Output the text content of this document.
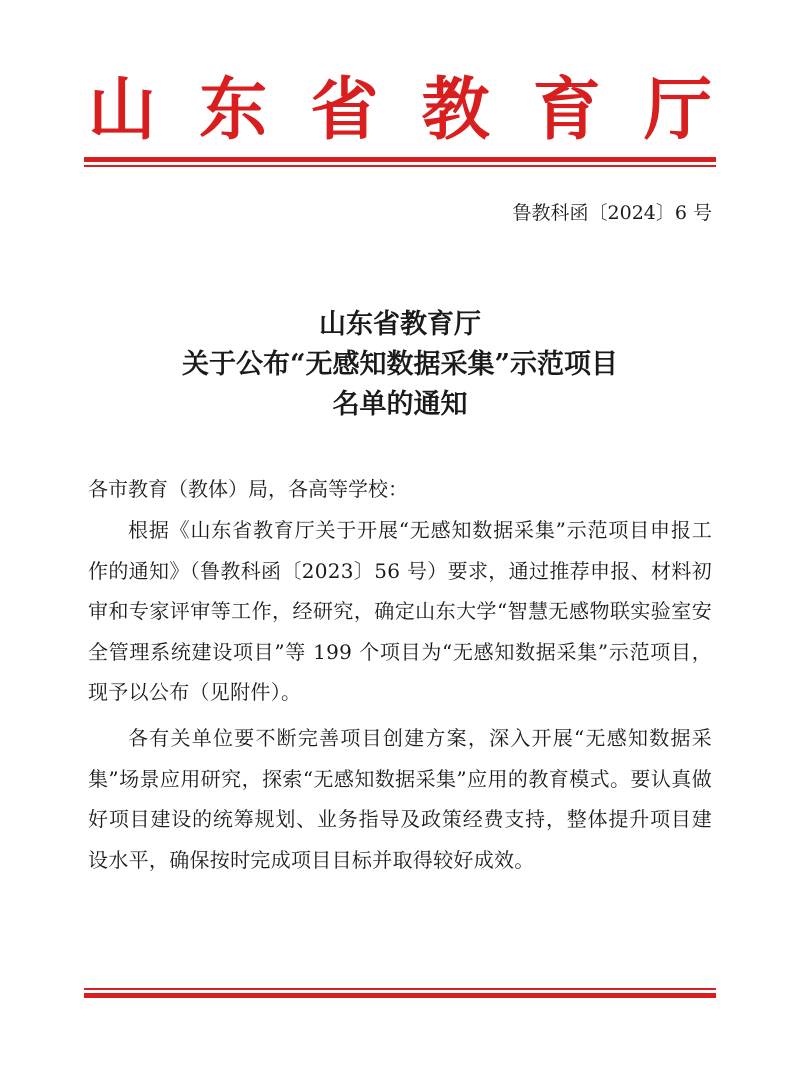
山 东 省 教 育 厅
鲁教科函〔2024〕6 号
山东省教育厅
关于公布“无感知数据采集”示范项目
名单的通知
各市教育（教体）局，各高等学校：
根据《山东省教育厅关于开展“无感知数据采集”示范项目申报工作的通知》（鲁教科函〔2023〕56 号）要求，通过推荐申报、材料初审和专家评审等工作，经研究，确定山东大学“智慧无感物联实验室安全管理系统建设项目”等 199 个项目为“无感知数据采集”示范项目，现予以公布（见附件）。
各有关单位要不断完善项目创建方案，深入开展“无感知数据采集”场景应用研究，探索“无感知数据采集”应用的教育模式。要认真做好项目建设的统筹规划、业务指导及政策经费支持，整体提升项目建设水平，确保按时完成项目目标并取得较好成效。
